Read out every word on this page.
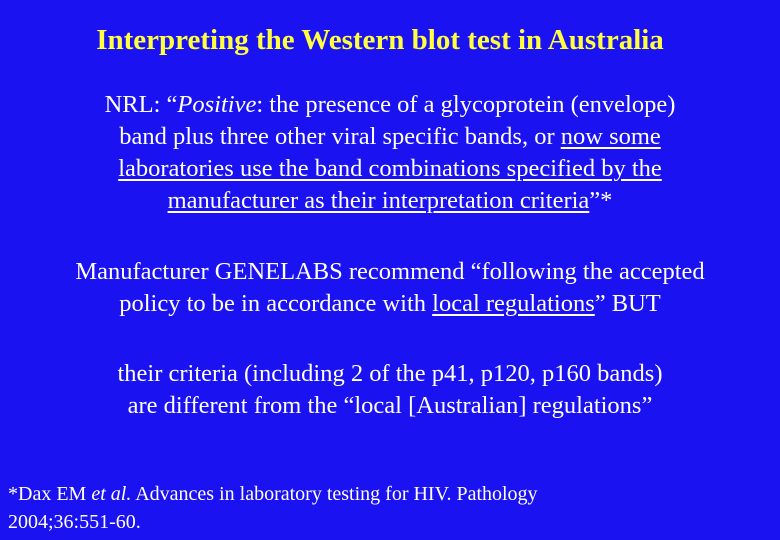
Interpreting the Western blot test in Australia
NRL: “Positive: the presence of a glycoprotein (envelope)
band plus three other viral specific bands, or now some
laboratories use the band combinations specified by the
manufacturer as their interpretation criteria”*
Manufacturer GENELABS recommend “following the accepted
policy to be in accordance with local regulations” BUT
their criteria (including 2 of the p41, p120, p160 bands)
are different from the “local [Australian] regulations”
*Dax EM et al. Advances in laboratory testing for HIV. Pathology
2004;36:551-60.
